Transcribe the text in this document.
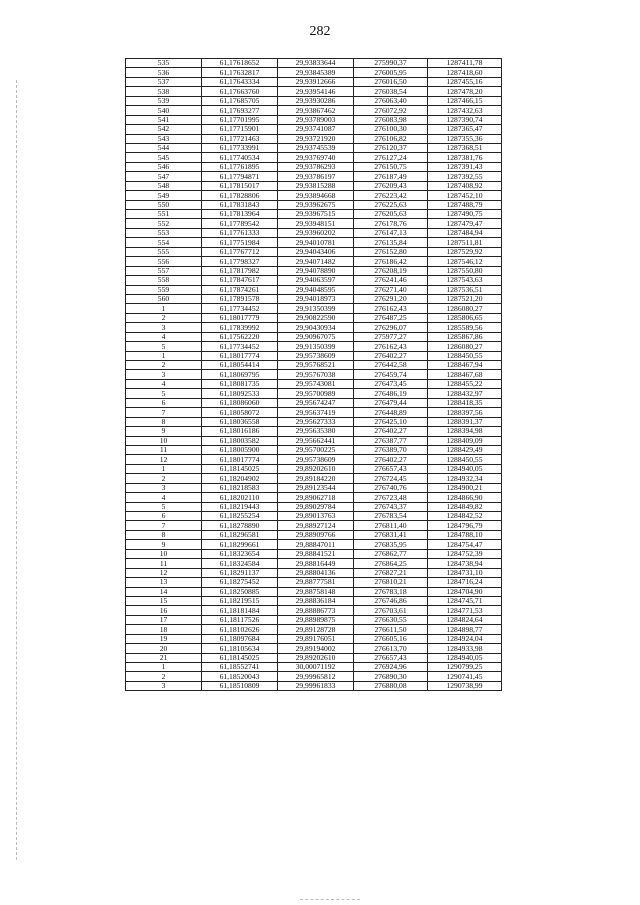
282
535	61,17618652	29,93833644	275990,37	1287411,78
536	61,17632817	29,93845389	276005,95	1287418,60
537	61,17643334	29,93912666	276016,50	1287455,16
538	61,17663760	29,93954146	276038,54	1287478,20
539	61,17685705	29,93930286	276063,40	1287466,15
540	61,17693277	29,93867462	276072,92	1287432,63
541	61,17701995	29,93789003	276083,98	1287390,74
542	61,17715901	29,93741087	276100,30	1287365,47
543	61,17721463	29,93721920	276106,82	1287355,36
544	61,17733991	29,93745539	276120,37	1287368,51
545	61,17740534	29,93769740	276127,24	1287381,76
546	61,17761895	29,93786293	276150,75	1287391,43
547	61,17794871	29,93786197	276187,49	1287392,55
548	61,17815017	29,93815288	276209,43	1287408,92
549	61,17828806	29,93894668	276223,42	1287452,10
550	61,17831843	29,93962675	276225,63	1287488,79
551	61,17813964	29,93967515	276205,63	1287490,75
552	61,17789542	29,93948151	276178,76	1287479,47
553	61,17761333	29,93960202	276147,13	1287484,94
554	61,17751984	29,94010781	276135,84	1287511,81
555	61,17767712	29,94043406	276152,80	1287529,92
556	61,17798327	29,94071482	276186,42	1287546,12
557	61,17817982	29,94078890	276208,19	1287550,80
558	61,17847617	29,94063597	276241,46	1287543,63
559	61,17874261	29,94048595	276271,40	1287536,51
560	61,17891578	29,94018973	276291,20	1287521,20
1	61,17734452	29,91350399	276162,43	1286080,27
2	61,18017779	29,90822590	276487,25	1285806,65
3	61,17839992	29,90430934	276296,07	1285589,56
4	61,17562220	29,90967075	275977,27	1285867,86
5	61,17734452	29,91350399	276162,43	1286080,27
1	61,18017774	29,95738609	276402,27	1288450,55
2	61,18054414	29,95768521	276442,58	1288467,94
3	61,18069795	29,95767038	276459,74	1288467,68
4	61,18081735	29,95743081	276473,45	1288455,22
5	61,18092533	29,95700989	276486,19	1288432,97
6	61,18086060	29,95674247	276479,44	1288418,35
7	61,18058072	29,95637419	276448,89	1288397,56
8	61,18036558	29,95627333	276425,10	1288391,37
9	61,18016186	29,95635380	276402,27	1288394,98
10	61,18003582	29,95662441	276387,77	1288409,09
11	61,18005900	29,95700225	276389,70	1288429,49
12	61,18017774	29,95738609	276402,27	1288450,55
1	61,18145025	29,89202610	276657,43	1284940,05
2	61,18204902	29,89184220	276724,45	1284932,34
3	61,18218583	29,89123544	276740,76	1284900,21
4	61,18202110	29,89062718	276723,48	1284866,90
5	61,18219443	29,89029784	276743,37	1284849,82
6	61,18255254	29,89013763	276783,54	1284842,52
7	61,18278890	29,88927124	276811,40	1284796,79
8	61,18296581	29,88909766	276831,41	1284788,10
9	61,18299661	29,88847011	276835,95	1284754,47
10	61,18323654	29,88841521	276862,77	1284752,39
11	61,18324584	29,88816449	276864,25	1284738,94
12	61,18291137	29,88804136	276827,21	1284731,10
13	61,18275452	29,88777581	276810,21	1284716,24
14	61,18250885	29,88758148	276783,18	1284704,90
15	61,18219515	29,88836184	276746,86	1284745,71
16	61,18181484	29,88886773	276703,61	1284771,53
17	61,18117526	29,88989875	276630,55	1284824,64
18	61,18102626	29,89128728	276611,50	1284898,77
19	61,18097684	29,89176051	276605,16	1284924,04
20	61,18105634	29,89194002	276613,70	1284933,98
21	61,18145025	29,89202610	276657,43	1284940,05
1	61,18552741	30,00071192	276924,96	1290799,25
2	61,18520043	29,99965812	276890,30	1290741,45
3	61,18510809	29,99961833	276880,08	1290738,99
